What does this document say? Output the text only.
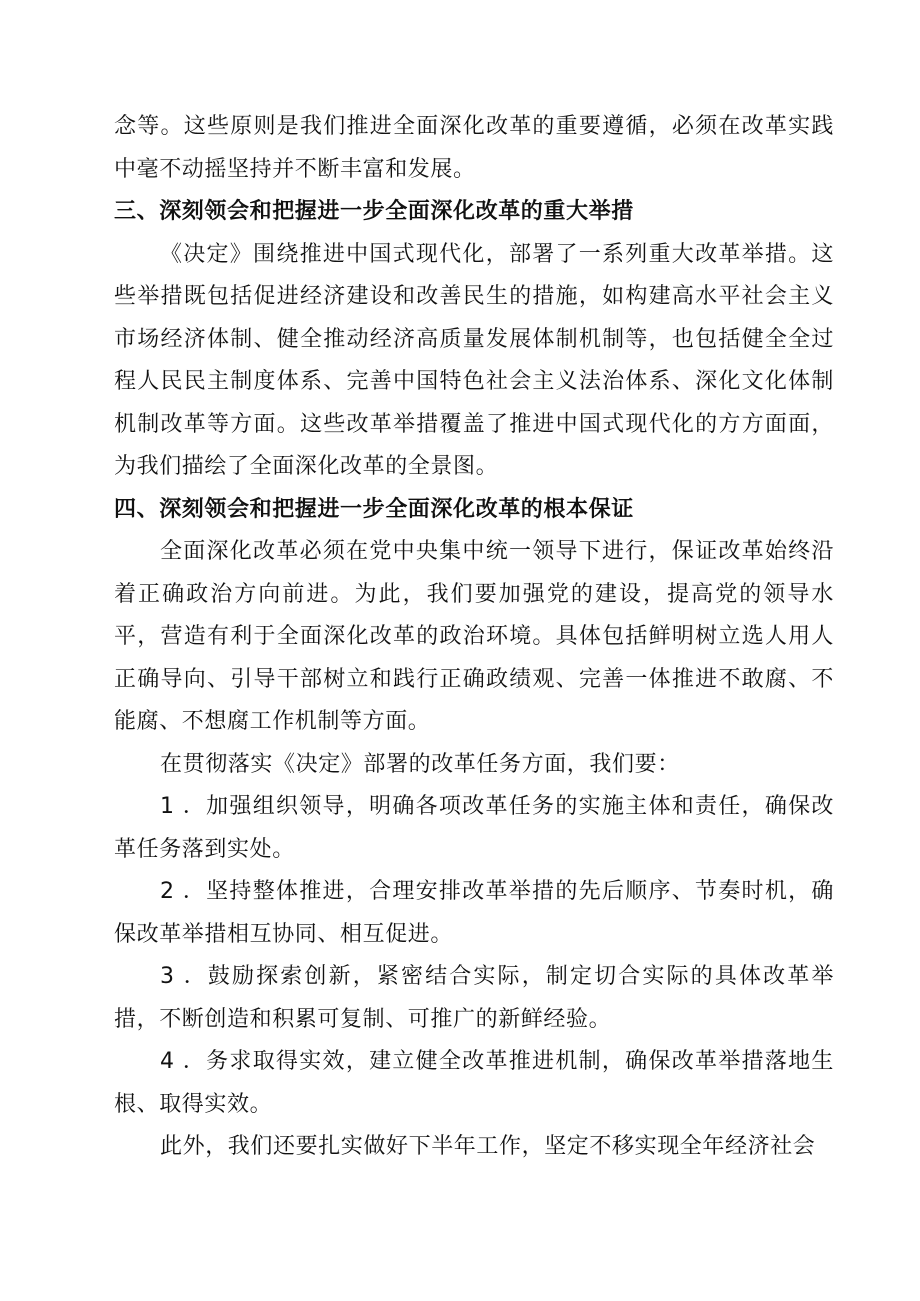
念等。这些原则是我们推进全面深化改革的重要遵循，必须在改革实践中毫不动摇坚持并不断丰富和发展。

三、深刻领会和把握进一步全面深化改革的重大举措

《决定》围绕推进中国式现代化，部署了一系列重大改革举措。这些举措既包括促进经济建设和改善民生的措施，如构建高水平社会主义市场经济体制、健全推动经济高质量发展体制机制等，也包括健全全过程人民民主制度体系、完善中国特色社会主义法治体系、深化文化体制机制改革等方面。这些改革举措覆盖了推进中国式现代化的方方面面，为我们描绘了全面深化改革的全景图。

四、深刻领会和把握进一步全面深化改革的根本保证

全面深化改革必须在党中央集中统一领导下进行，保证改革始终沿着正确政治方向前进。为此，我们要加强党的建设，提高党的领导水平，营造有利于全面深化改革的政治环境。具体包括鲜明树立选人用人正确导向、引导干部树立和践行正确政绩观、完善一体推进不敢腐、不能腐、不想腐工作机制等方面。

在贯彻落实《决定》部署的改革任务方面，我们要：

1 ．加强组织领导，明确各项改革任务的实施主体和责任，确保改革任务落到实处。

2 ．坚持整体推进，合理安排改革举措的先后顺序、节奏时机，确保改革举措相互协同、相互促进。

3 ．鼓励探索创新，紧密结合实际，制定切合实际的具体改革举措，不断创造和积累可复制、可推广的新鲜经验。

4 ．务求取得实效，建立健全改革推进机制，确保改革举措落地生根、取得实效。

此外，我们还要扎实做好下半年工作，坚定不移实现全年经济社会
